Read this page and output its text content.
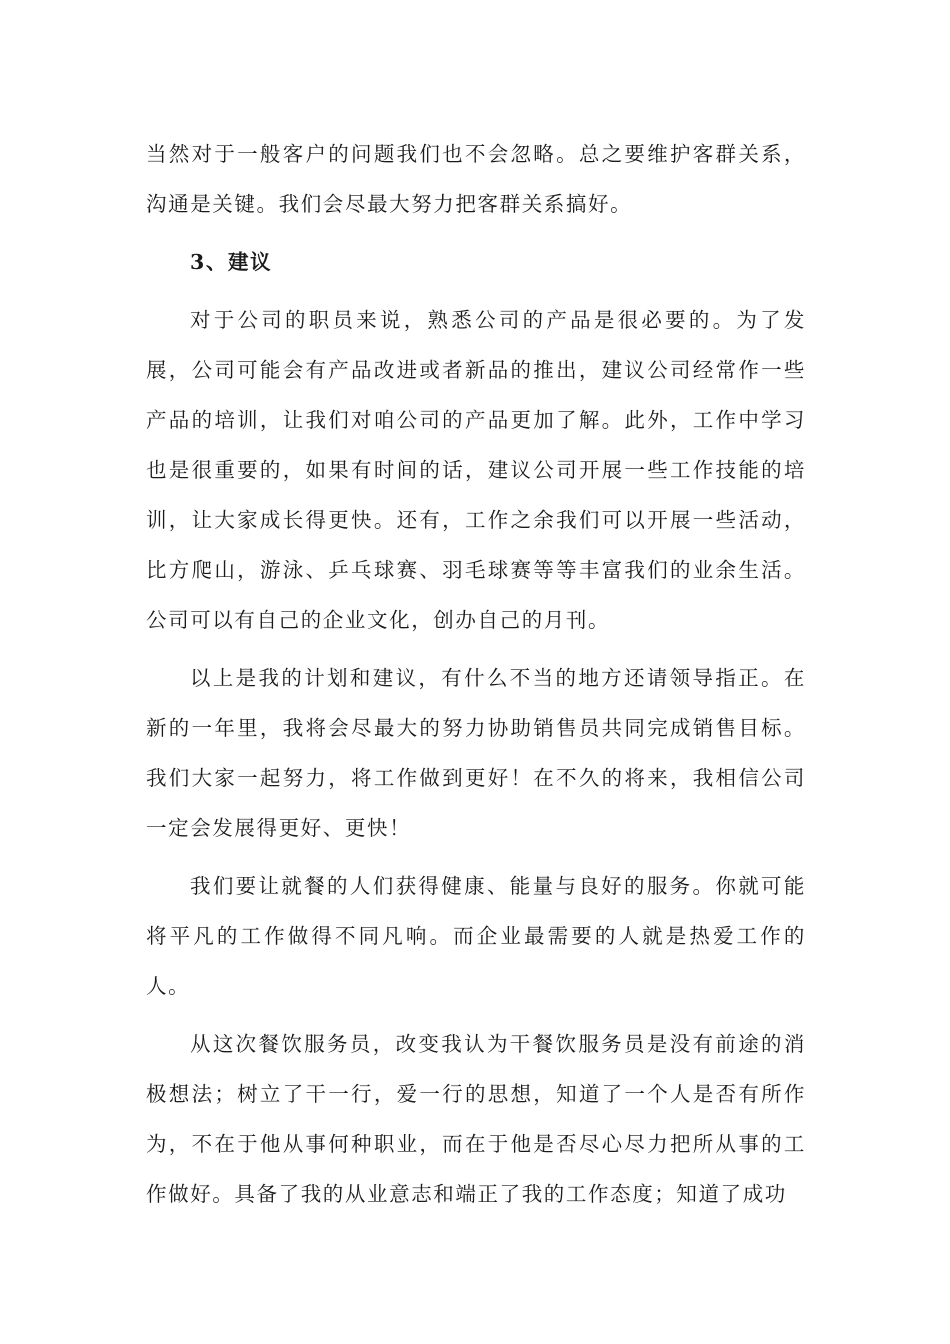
当然对于一般客户的问题我们也不会忽略。总之要维护客群关系，沟通是关键。我们会尽最大努力把客群关系搞好。

3、建议

对于公司的职员来说，熟悉公司的产品是很必要的。为了发展，公司可能会有产品改进或者新品的推出，建议公司经常作一些产品的培训，让我们对咱公司的产品更加了解。此外，工作中学习也是很重要的，如果有时间的话，建议公司开展一些工作技能的培训，让大家成长得更快。还有，工作之余我们可以开展一些活动，比方爬山，游泳、乒乓球赛、羽毛球赛等等丰富我们的业余生活。公司可以有自己的企业文化，创办自己的月刊。

以上是我的计划和建议，有什么不当的地方还请领导指正。在新的一年里，我将会尽最大的努力协助销售员共同完成销售目标。我们大家一起努力，将工作做到更好！在不久的将来，我相信公司一定会发展得更好、更快！

我们要让就餐的人们获得健康、能量与良好的服务。你就可能将平凡的工作做得不同凡响。而企业最需要的人就是热爱工作的人。

从这次餐饮服务员，改变我认为干餐饮服务员是没有前途的消极想法；树立了干一行，爱一行的思想，知道了一个人是否有所作为，不在于他从事何种职业，而在于他是否尽心尽力把所从事的工作做好。具备了我的从业意志和端正了我的工作态度；知道了成功
